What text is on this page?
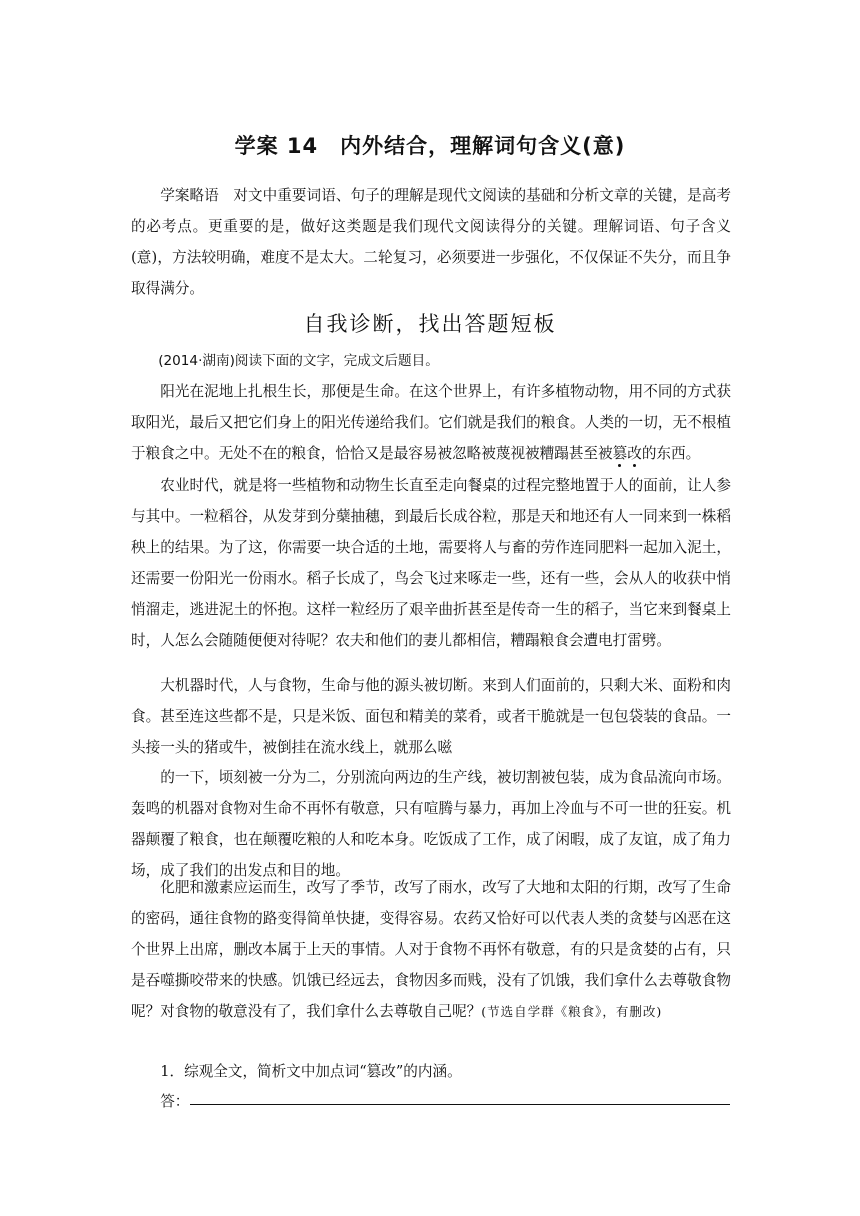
学案 14　内外结合，理解词句含义(意)
学案略语　对文中重要词语、句子的理解是现代文阅读的基础和分析文章的关键，是高考的必考点。更重要的是，做好这类题是我们现代文阅读得分的关键。理解词语、句子含义(意)，方法较明确，难度不是太大。二轮复习，必须要进一步强化，不仅保证不失分，而且争取得满分。
自我诊断，找出答题短板
(2014·湖南)阅读下面的文字，完成文后题目。
阳光在泥地上扎根生长，那便是生命。在这个世界上，有许多植物动物，用不同的方式获取阳光，最后又把它们身上的阳光传递给我们。它们就是我们的粮食。人类的一切，无不根植于粮食之中。无处不在的粮食，恰恰又是最容易被忽略被蔑视被糟蹋甚至被篡改的东西。
农业时代，就是将一些植物和动物生长直至走向餐桌的过程完整地置于人的面前，让人参与其中。一粒稻谷，从发芽到分蘖抽穗，到最后长成谷粒，那是天和地还有人一同来到一株稻秧上的结果。为了这，你需要一块合适的土地，需要将人与畜的劳作连同肥料一起加入泥土，还需要一份阳光一份雨水。稻子长成了，鸟会飞过来啄走一些，还有一些，会从人的收获中悄悄溜走，逃进泥土的怀抱。这样一粒经历了艰辛曲折甚至是传奇一生的稻子，当它来到餐桌上时，人怎么会随随便便对待呢？农夫和他们的妻儿都相信，糟蹋粮食会遭电打雷劈。
大机器时代，人与食物，生命与他的源头被切断。来到人们面前的，只剩大米、面粉和肉食。甚至连这些都不是，只是米饭、面包和精美的菜肴，或者干脆就是一包包袋装的食品。一头接一头的猪或牛，被倒挂在流水线上，就那么嗞
的一下，顷刻被一分为二，分别流向两边的生产线，被切割被包装，成为食品流向市场。轰鸣的机器对食物对生命不再怀有敬意，只有喧腾与暴力，再加上冷血与不可一世的狂妄。机器颠覆了粮食，也在颠覆吃粮的人和吃本身。吃饭成了工作，成了闲暇，成了友谊，成了角力场，成了我们的出发点和目的地。
化肥和激素应运而生，改写了季节，改写了雨水，改写了大地和太阳的行期，改写了生命的密码，通往食物的路变得简单快捷，变得容易。农药又恰好可以代表人类的贪婪与凶恶在这个世界上出席，删改本属于上天的事情。人对于食物不再怀有敬意，有的只是贪婪的占有，只是吞噬撕咬带来的快感。饥饿已经远去，食物因多而贱，没有了饥饿，我们拿什么去尊敬食物呢？对食物的敬意没有了，我们拿什么去尊敬自己呢？(节选自学群《粮食》，有删改)
1．综观全文，简析文中加点词“篡改”的内涵。
答：
